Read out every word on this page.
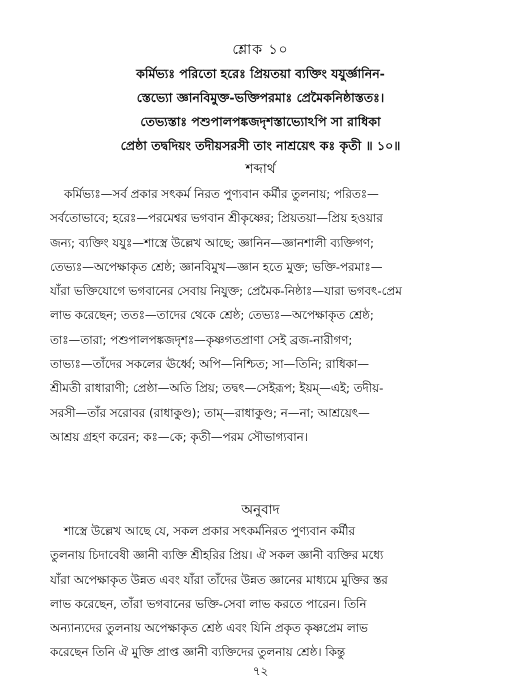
শ্লোক ১০
কর্মিভ্যঃ পরিতো হরেঃ প্রিয়তয়া ব্যক্তিং যযুর্জ্ঞানিন-
স্তেভ্যো জ্ঞানবিমুক্ত-ভক্তিপরমাঃ প্রেমৈকনিষ্ঠাস্ততঃ।
তেভ্যস্তাঃ পশুপালপঙ্কজদৃশস্তাভ্যোঽপি সা রাধিকা
প্রেষ্ঠা তদ্বদিয়ং তদীয়সরসী তাং নাশ্রয়েৎ কঃ কৃতী ॥ ১০॥
শব্দার্থ
কর্মিভ্যঃ—সর্ব প্রকার সৎকর্ম নিরত পুণ্যবান কর্মীর তুলনায়; পরিতঃ—
সর্বতোভাবে; হরেঃ—পরমেশ্বর ভগবান শ্রীকৃষ্ণের; প্রিয়তয়া—প্রিয় হওয়ার
জন্য; ব্যক্তিং যযুঃ—শাস্ত্রে উল্লেখ আছে; জ্ঞানিন—জ্ঞানশালী ব্যক্তিগণ;
তেভ্যঃ—অপেক্ষাকৃত শ্রেষ্ঠ; জ্ঞানবিমুখ—জ্ঞান হতে মুক্ত; ভক্তি-পরমাঃ—
যাঁরা ভক্তিযোগে ভগবানের সেবায় নিযুক্ত; প্রেমৈক-নিষ্ঠাঃ—যারা ভগবৎ-প্রেম
লাভ করেছেন; ততঃ—তাদের থেকে শ্রেষ্ঠ; তেভ্যঃ—অপেক্ষাকৃত শ্রেষ্ঠ;
তাঃ—তারা; পশুপালপঙ্কজদৃশঃ—কৃষ্ণগতপ্রাণা সেই ব্রজ-নারীগণ;
তাভ্যঃ—তাঁদের সকলের ঊর্ধ্বে; অপি—নিশ্চিত; সা—তিনি; রাধিকা—
শ্রীমতী রাধারাণী; প্রেষ্ঠা—অতি প্রিয়; তদ্বৎ—সেইরূপ; ইয়ম্—এই; তদীয়-
সরসী—তাঁর সরোবর (রাধাকুণ্ড); তাম্—রাধাকুণ্ড; ন—না; আশ্রয়েৎ—
আশ্রয় গ্রহণ করেন; কঃ—কে; কৃতী—পরম সৌভাগ্যবান।
অনুবাদ
শাস্ত্রে উল্লেখ আছে যে, সকল প্রকার সৎকর্মনিরত পুণ্যবান কর্মীর
তুলনায় চিদাবেষী জ্ঞানী ব্যক্তি শ্রীহরির প্রিয়। ঐ সকল জ্ঞানী ব্যক্তির মধ্যে
যাঁরা অপেক্ষাকৃত উন্নত এবং যাঁরা তাঁদের উন্নত জ্ঞানের মাধ্যমে মুক্তির স্তর
লাভ করেছেন, তাঁরা ভগবানের ভক্তি-সেবা লাভ করতে পারেন। তিনি
অন্যান্যদের তুলনায় অপেক্ষাকৃত শ্রেষ্ঠ এবং যিনি প্রকৃত কৃষ্ণপ্রেম লাভ
করেছেন তিনি ঐ মুক্তি প্রাপ্ত জ্ঞানী ব্যক্তিদের তুলনায় শ্রেষ্ঠ। কিন্তু
৭২
